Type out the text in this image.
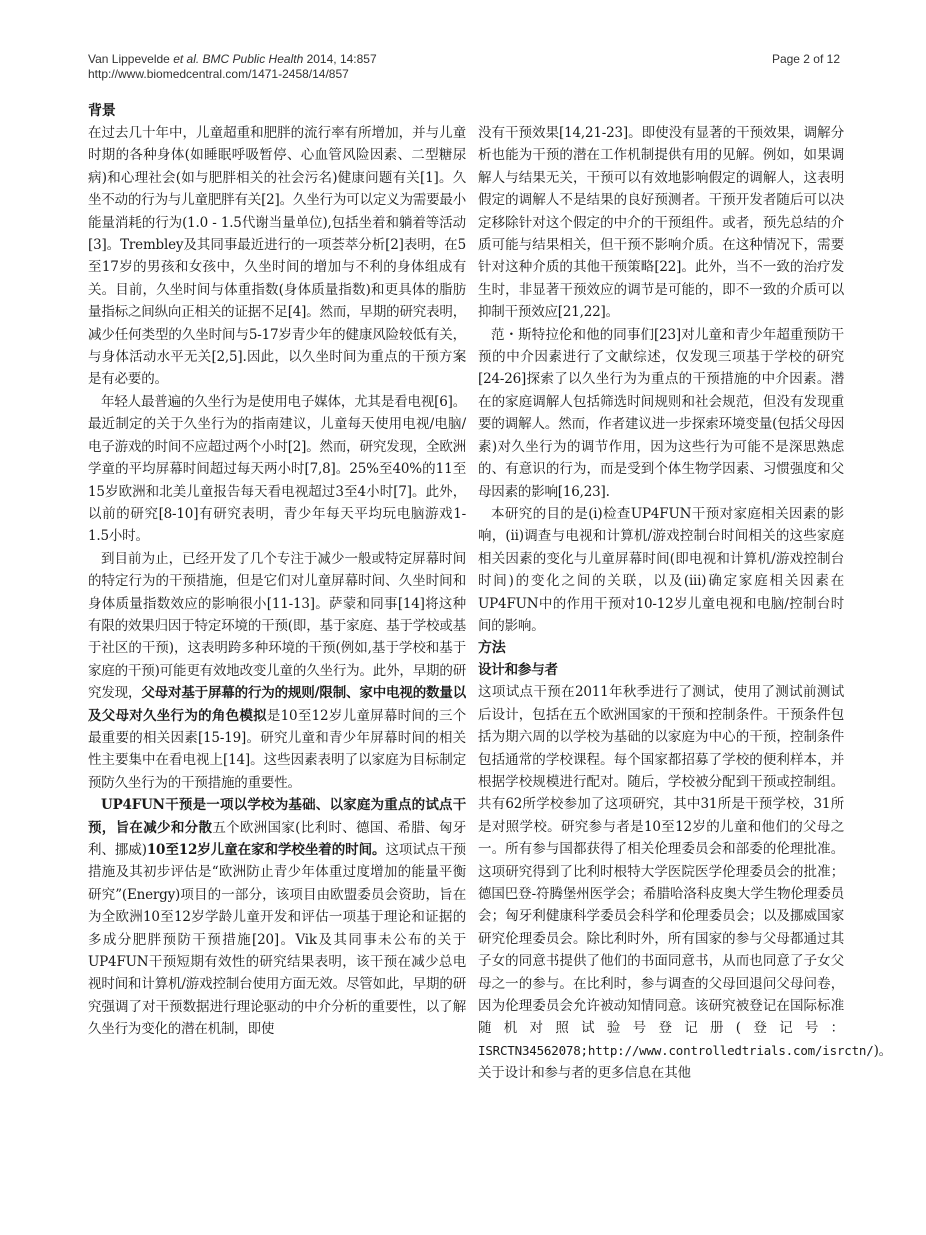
Van Lippevelde et al. BMC Public Health 2014, 14:857
http://www.biomedcentral.com/1471-2458/14/857
Page 2 of 12
背景

在过去几十年中，儿童超重和肥胖的流行率有所增加，并与儿童时期的各种身体(如睡眠呼吸暂停、心血管风险因素、二型糖尿病)和心理社会(如与肥胖相关的社会污名)健康问题有关[1]。久坐不动的行为与儿童肥胖有关[2]。久坐行为可以定义为需要最小能量消耗的行为(1.0 - 1.5代谢当量单位),包括坐着和躺着等活动[3]。Trembley及其同事最近进行的一项荟萃分析[2]表明，在5至17岁的男孩和女孩中，久坐时间的增加与不利的身体组成有关。目前，久坐时间与体重指数(身体质量指数)和更具体的脂肪量指标之间纵向正相关的证据不足[4]。然而，早期的研究表明，减少任何类型的久坐时间与5-17岁青少年的健康风险较低有关，与身体活动水平无关[2,5].因此，以久坐时间为重点的干预方案是有必要的。

年轻人最普遍的久坐行为是使用电子媒体，尤其是看电视[6]。最近制定的关于久坐行为的指南建议，儿童每天使用电视/电脑/电子游戏的时间不应超过两个小时[2]。然而，研究发现，全欧洲学童的平均屏幕时间超过每天两小时[7,8]。25%至40%的11至15岁欧洲和北美儿童报告每天看电视超过3至4小时[7]。此外，以前的研究[8-10]有研究表明，青少年每天平均玩电脑游戏1-1.5小时。

到目前为止，已经开发了几个专注于减少一般或特定屏幕时间的特定行为的干预措施，但是它们对儿童屏幕时间、久坐时间和身体质量指数效应的影响很小[11-13]。萨蒙和同事[14]将这种有限的效果归因于特定环境的干预(即，基于家庭、基于学校或基于社区的干预)，这表明跨多种环境的干预(例如,基于学校和基于家庭的干预)可能更有效地改变儿童的久坐行为。此外，早期的研究发现，父母对基于屏幕的行为的规则/限制、家中电视的数量以及父母对久坐行为的角色模拟是10至12岁儿童屏幕时间的三个最重要的相关因素[15-19]。研究儿童和青少年屏幕时间的相关性主要集中在看电视上[14]。这些因素表明了以家庭为目标制定预防久坐行为的干预措施的重要性。

UP4FUN干预是一项以学校为基础、以家庭为重点的试点干预，旨在减少和分散五个欧洲国家(比利时、德国、希腊、匈牙利、挪威)10至12岁儿童在家和学校坐着的时间。这项试点干预措施及其初步评估是“欧洲防止青少年体重过度增加的能量平衡研究”(Energy)项目的一部分，该项目由欧盟委员会资助，旨在为全欧洲10至12岁学龄儿童开发和评估一项基于理论和证据的多成分肥胖预防干预措施[20]。Vik及其同事未公布的关于UP4FUN干预短期有效性的研究结果表明，该干预在减少总电视时间和计算机/游戏控制台使用方面无效。尽管如此，早期的研究强调了对干预数据进行理论驱动的中介分析的重要性，以了解久坐行为变化的潜在机制，即使

没有干预效果[14,21-23]。即使没有显著的干预效果，调解分析也能为干预的潜在工作机制提供有用的见解。例如，如果调解人与结果无关，干预可以有效地影响假定的调解人，这表明假定的调解人不是结果的良好预测者。干预开发者随后可以决定移除针对这个假定的中介的干预组件。或者，预先总结的介质可能与结果相关，但干预不影响介质。在这种情况下，需要针对这种介质的其他干预策略[22]。此外，当不一致的治疗发生时，非显著干预效应的调节是可能的，即不一致的介质可以抑制干预效应[21,22]。

范・斯特拉伦和他的同事们[23]对儿童和青少年超重预防干预的中介因素进行了文献综述，仅发现三项基于学校的研究[24-26]探索了以久坐行为为重点的干预措施的中介因素。潜在的家庭调解人包括筛选时间规则和社会规范，但没有发现重要的调解人。然而，作者建议进一步探索环境变量(包括父母因素)对久坐行为的调节作用，因为这些行为可能不是深思熟虑的、有意识的行为，而是受到个体生物学因素、习惯强度和父母因素的影响[16,23].

本研究的目的是(i)检查UP4FUN干预对家庭相关因素的影响，(ii)调查与电视和计算机/游戏控制台时间相关的这些家庭相关因素的变化与儿童屏幕时间(即电视和计算机/游戏控制台时间)的变化之间的关联，以及(iii)确定家庭相关因素在UP4FUN中的作用干预对10-12岁儿童电视和电脑/控制台时间的影响。

方法
设计和参与者

这项试点干预在2011年秋季进行了测试，使用了测试前测试后设计，包括在五个欧洲国家的干预和控制条件。干预条件包括为期六周的以学校为基础的以家庭为中心的干预，控制条件包括通常的学校课程。每个国家都招募了学校的便利样本，并根据学校规模进行配对。随后，学校被分配到干预或控制组。共有62所学校参加了这项研究，其中31所是干预学校，31所是对照学校。研究参与者是10至12岁的儿童和他们的父母之一。所有参与国都获得了相关伦理委员会和部委的伦理批准。这项研究得到了比利时根特大学医院医学伦理委员会的批准；德国巴登-符腾堡州医学会；希腊哈洛科皮奥大学生物伦理委员会；匈牙利健康科学委员会科学和伦理委员会；以及挪威国家研究伦理委员会。除比利时外，所有国家的参与父母都通过其子女的同意书提供了他们的书面同意书，从而也同意了子女父母之一的参与。在比利时，参与调查的父母回退问父母问卷，因为伦理委员会允许被动知情同意。该研究被登记在国际标准随机对照试验号登记册(登记号：ISRCTN34562078;http://www.controlledtrials.com/isrctn/)。关于设计和参与者的更多信息在其他
